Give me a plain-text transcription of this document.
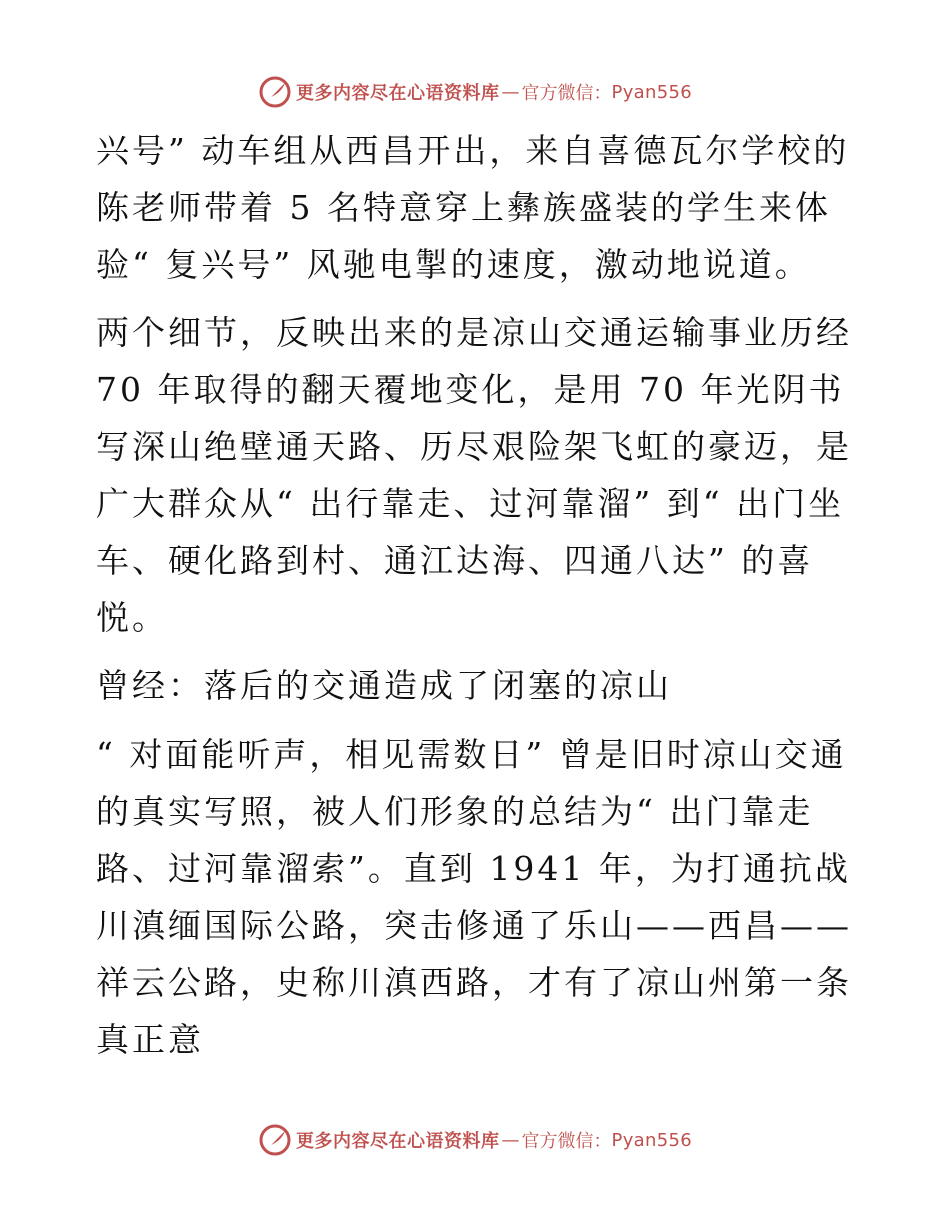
更多内容尽在心语资料库 — 官方微信： Pyan556

兴号” 动车组从西昌开出，来自喜德瓦尔学校的陈老师带着 5 名特意穿上彝族盛装的学生来体验“ 复兴号” 风驰电掣的速度，激动地说道。

两个细节，反映出来的是凉山交通运输事业历经 70 年取得的翻天覆地变化，是用 70 年光阴书写深山绝壁通天路、历尽艰险架飞虹的豪迈，是广大群众从“ 出行靠走、过河靠溜” 到“ 出门坐车、硬化路到村、通江达海、四通八达” 的喜悦。

曾经：落后的交通造成了闭塞的凉山

“ 对面能听声，相见需数日” 曾是旧时凉山交通的真实写照，被人们形象的总结为“ 出门靠走路、过河靠溜索”。直到 1941 年，为打通抗战川滇缅国际公路，突击修通了乐山——西昌——祥云公路，史称川滇西路，才有了凉山州第一条真正意

更多内容尽在心语资料库 — 官方微信： Pyan556
